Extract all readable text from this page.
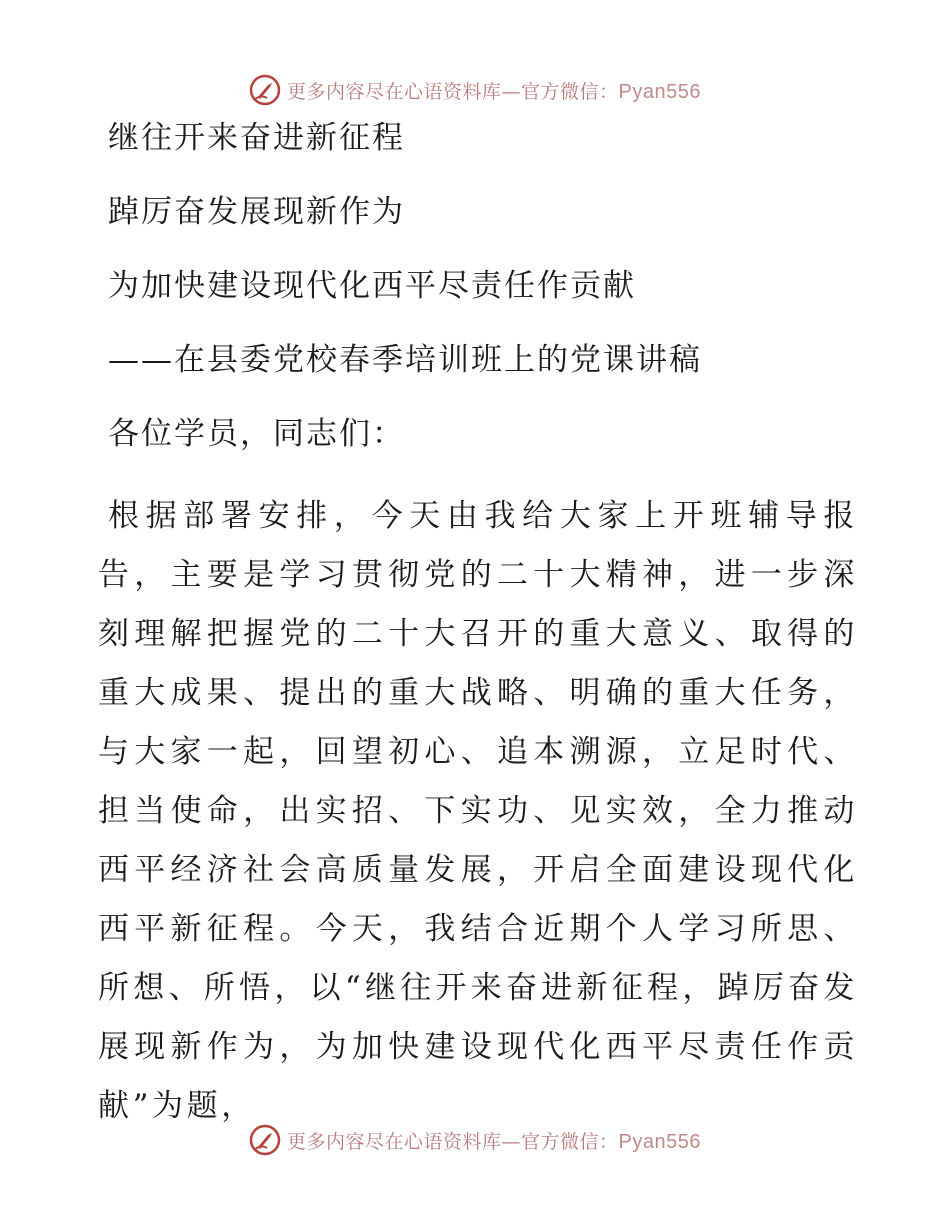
更多内容尽在心语资料库—官方微信：Pyan556
继往开来奋进新征程
踔厉奋发展现新作为
为加快建设现代化西平尽责任作贡献
——在县委党校春季培训班上的党课讲稿
各位学员，同志们：

根据部署安排，今天由我给大家上开班辅导报告，主要是学习贯彻党的二十大精神，进一步深刻理解把握党的二十大召开的重大意义、取得的重大成果、提出的重大战略、明确的重大任务，与大家一起，回望初心、追本溯源，立足时代、担当使命，出实招、下实功、见实效，全力推动西平经济社会高质量发展，开启全面建设现代化西平新征程。今天，我结合近期个人学习所思、所想、所悟，以“继往开来奋进新征程，踔厉奋发展现新作为，为加快建设现代化西平尽责任作贡献”为题，

更多内容尽在心语资料库—官方微信：Pyan556
